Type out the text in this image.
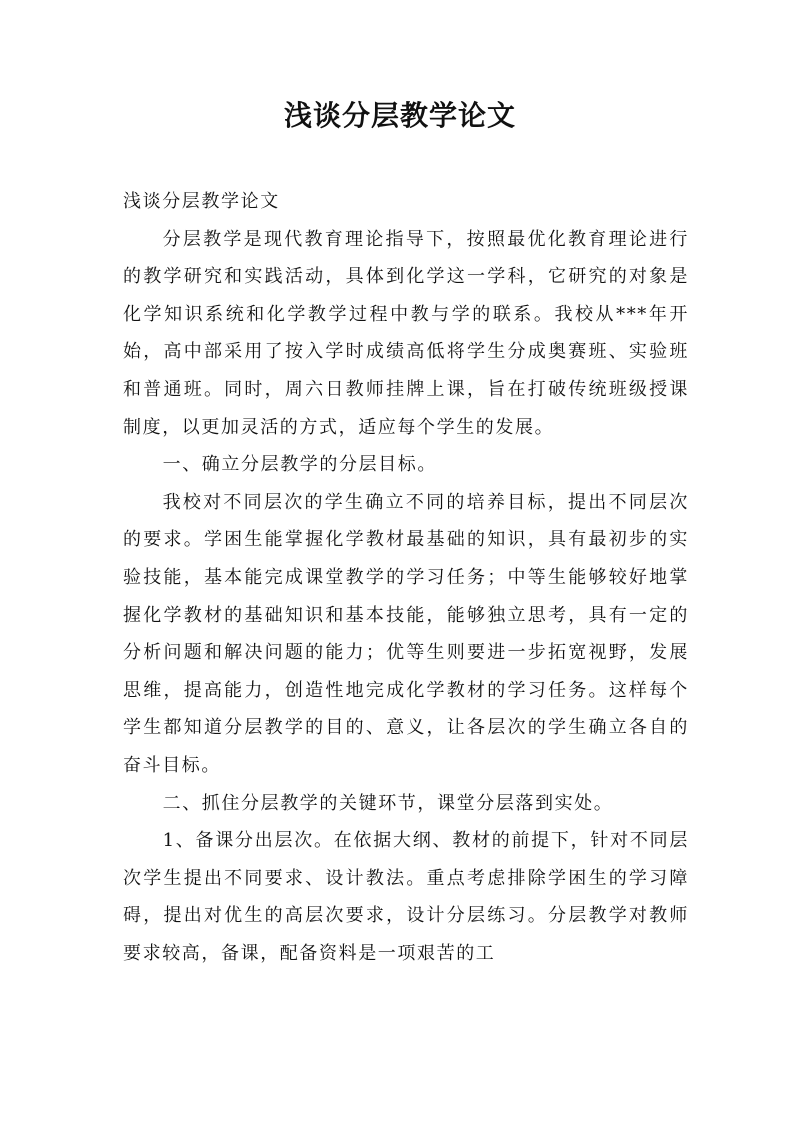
浅谈分层教学论文

浅谈分层教学论文

分层教学是现代教育理论指导下，按照最优化教育理论进行的教学研究和实践活动，具体到化学这一学科，它研究的对象是化学知识系统和化学教学过程中教与学的联系。我校从***年开始，高中部采用了按入学时成绩高低将学生分成奥赛班、实验班和普通班。同时，周六日教师挂牌上课，旨在打破传统班级授课制度，以更加灵活的方式，适应每个学生的发展。

一、确立分层教学的分层目标。

我校对不同层次的学生确立不同的培养目标，提出不同层次的要求。学困生能掌握化学教材最基础的知识，具有最初步的实验技能，基本能完成课堂教学的学习任务；中等生能够较好地掌握化学教材的基础知识和基本技能，能够独立思考，具有一定的分析问题和解决问题的能力；优等生则要进一步拓宽视野，发展思维，提高能力，创造性地完成化学教材的学习任务。这样每个学生都知道分层教学的目的、意义，让各层次的学生确立各自的奋斗目标。

二、抓住分层教学的关键环节，课堂分层落到实处。

1、备课分出层次。在依据大纲、教材的前提下，针对不同层次学生提出不同要求、设计教法。重点考虑排除学困生的学习障碍，提出对优生的高层次要求，设计分层练习。分层教学对教师要求较高，备课，配备资料是一项艰苦的工
